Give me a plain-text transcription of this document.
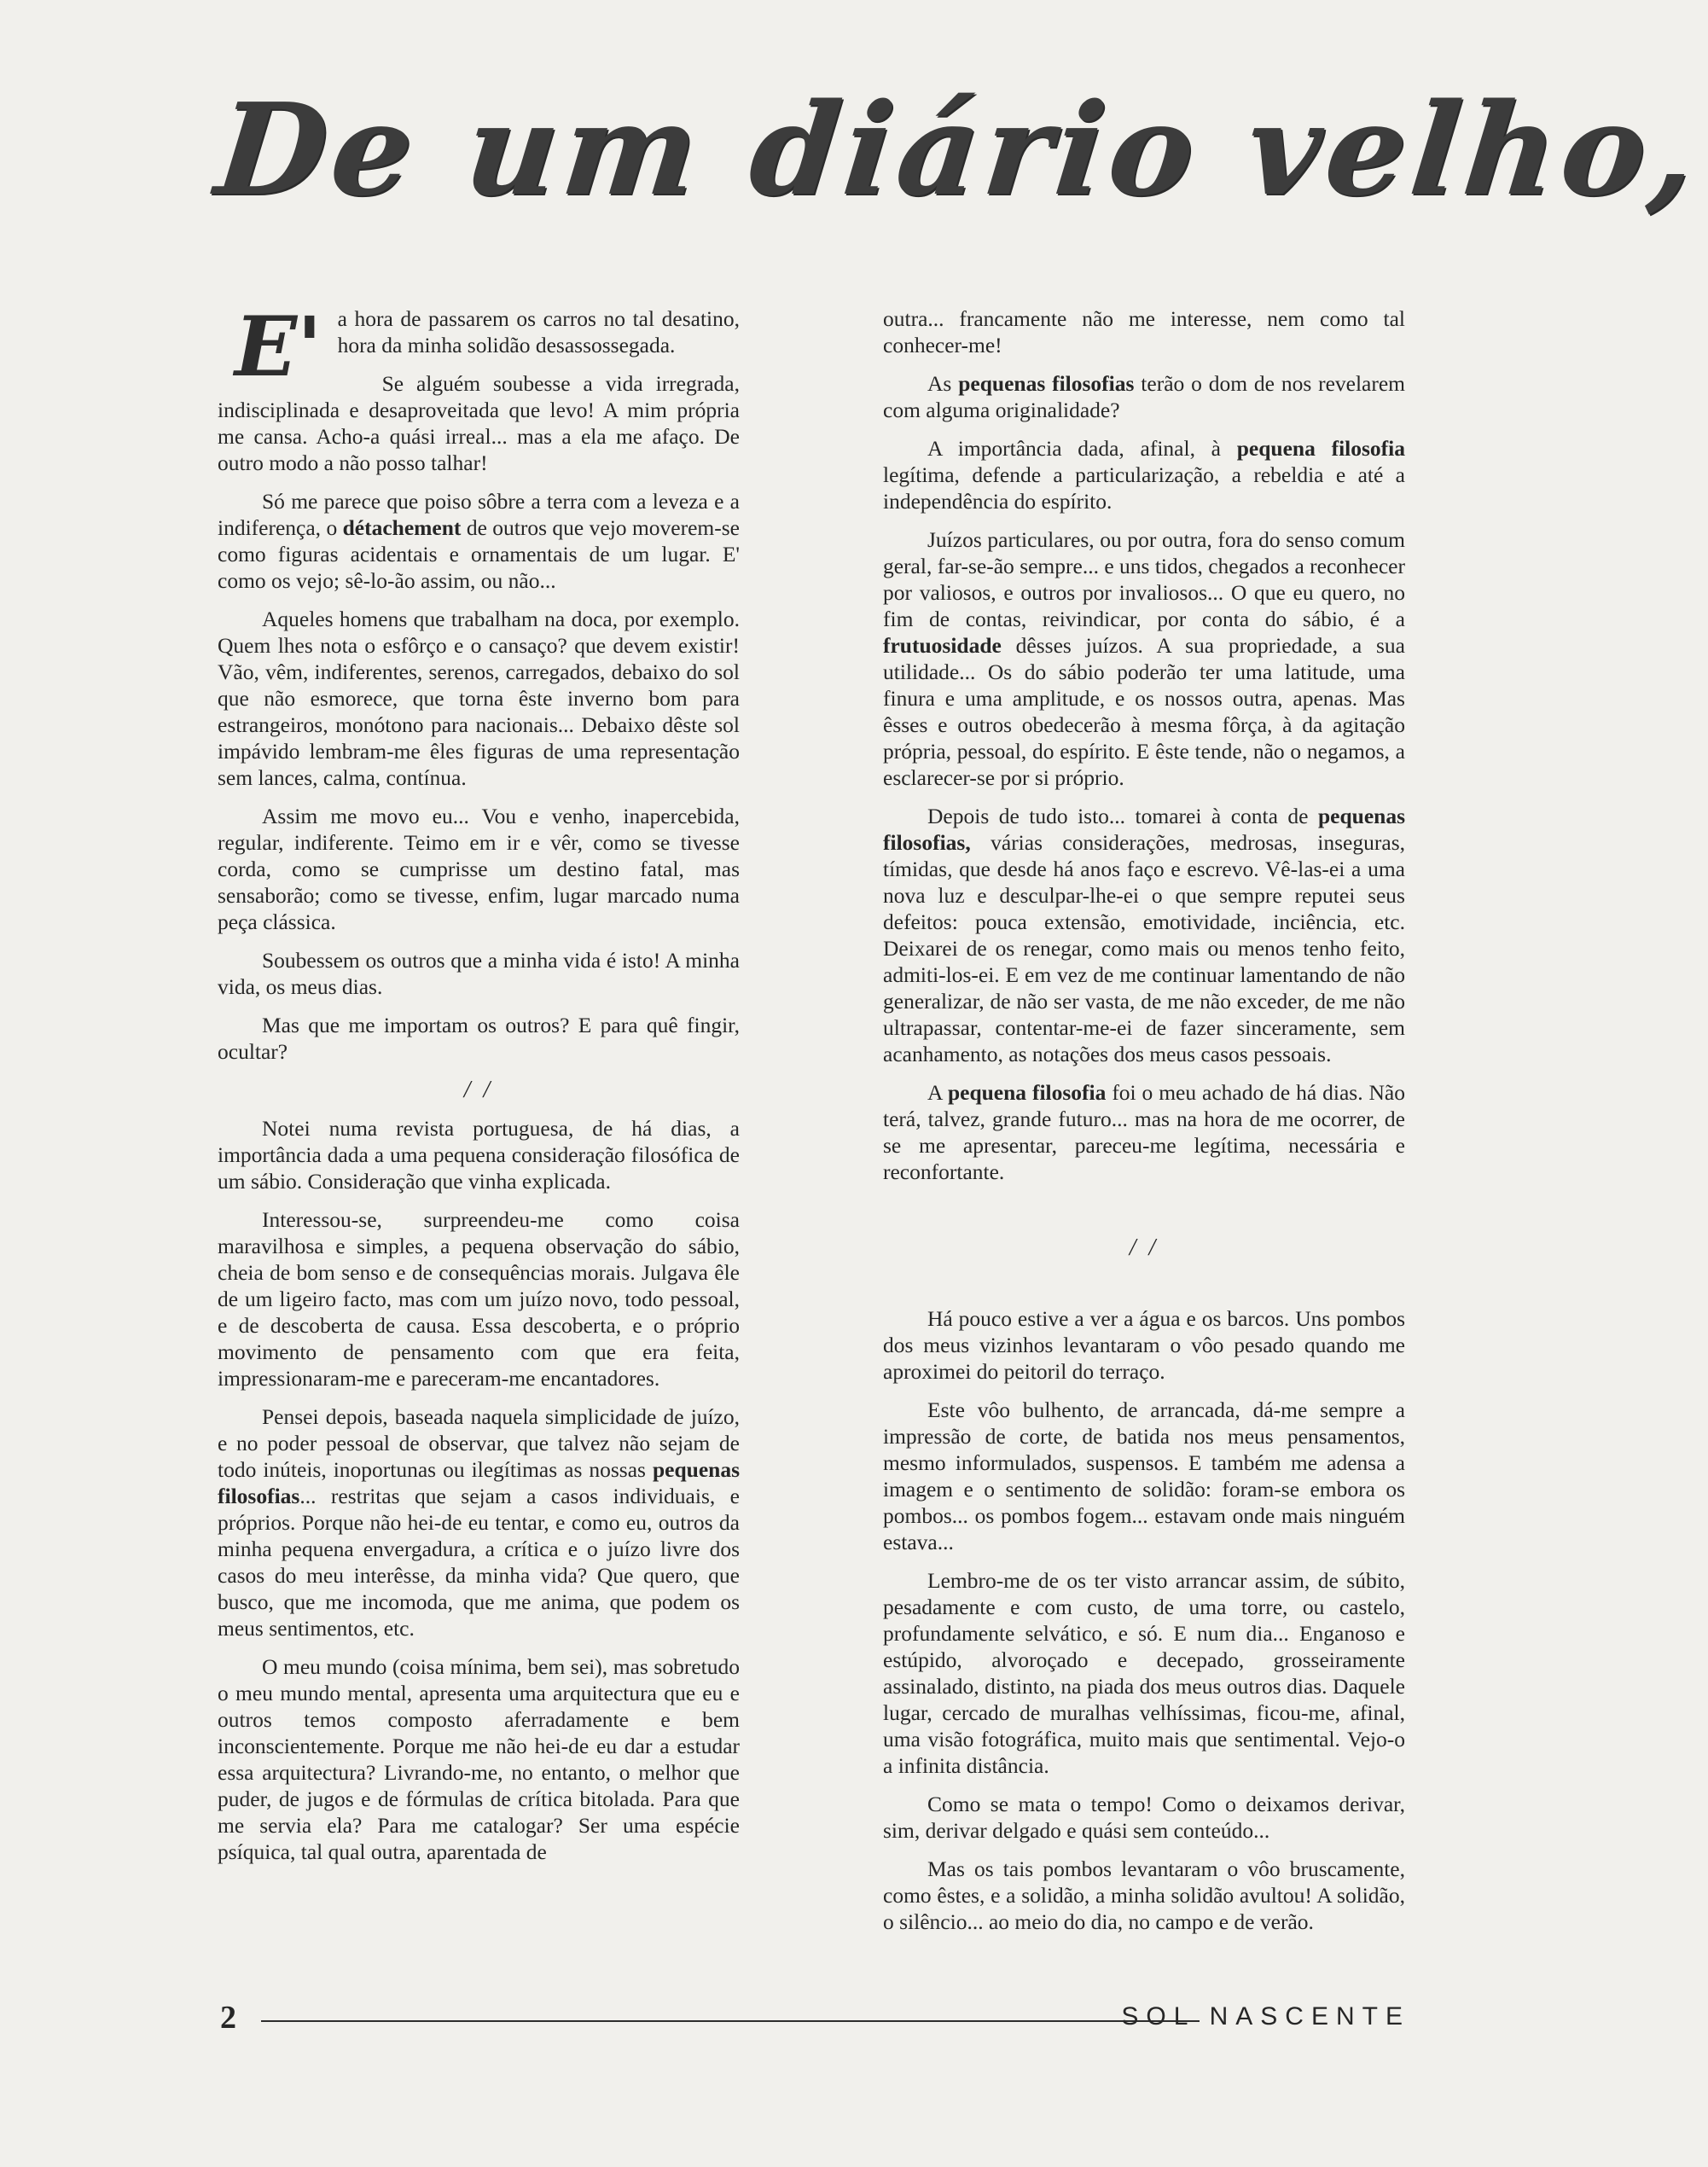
De um diário velho,

E' a hora de passarem os carros no tal desatino, hora da minha solidão desassossegada.

Se alguém soubesse a vida irregrada, indisciplinada e desaproveitada que levo! A mim própria me cansa. Acho-a quási irreal... mas a ela me afaço. De outro modo a não posso talhar!

Só me parece que poiso sôbre a terra com a leveza e a indiferença, o détachement de outros que vejo moverem-se como figuras acidentais e ornamentais de um lugar. E' como os vejo; sê-lo-ão assim, ou não...

Aqueles homens que trabalham na doca, por exemplo. Quem lhes nota o esfôrço e o cansaço? que devem existir! Vão, vêm, indiferentes, serenos, carregados, debaixo do sol que não esmorece, que torna êste inverno bom para estrangeiros, monótono para nacionais... Debaixo dêste sol impávido lembram-me êles figuras de uma representação sem lances, calma, contínua.

Assim me movo eu... Vou e venho, inapercebida, regular, indiferente. Teimo em ir e vêr, como se tivesse corda, como se cumprisse um destino fatal, mas sensaborão; como se tivesse, enfim, lugar marcado numa peça clássica.

Soubessem os outros que a minha vida é isto! A minha vida, os meus dias.

Mas que me importam os outros? E para quê fingir, ocultar?

/ /

Notei numa revista portuguesa, de há dias, a importância dada a uma pequena consideração filosófica de um sábio. Consideração que vinha explicada.

Interessou-se, surpreendeu-me como coisa maravilhosa e simples, a pequena observação do sábio, cheia de bom senso e de consequências morais. Julgava êle de um ligeiro facto, mas com um juízo novo, todo pessoal, e de descoberta de causa. Essa descoberta, e o próprio movimento de pensamento com que era feita, impressionaram-me e pareceram-me encantadores.

Pensei depois, baseada naquela simplicidade de juízo, e no poder pessoal de observar, que talvez não sejam de todo inúteis, inoportunas ou ilegítimas as nossas pequenas filosofias... restritas que sejam a casos individuais, e próprios. Porque não hei-de eu tentar, e como eu, outros da minha pequena envergadura, a crítica e o juízo livre dos casos do meu interêsse, da minha vida? Que quero, que busco, que me incomoda, que me anima, que podem os meus sentimentos, etc.

O meu mundo (coisa mínima, bem sei), mas sobretudo o meu mundo mental, apresenta uma arquitectura que eu e outros temos composto aferradamente e bem inconscientemente. Porque me não hei-de eu dar a estudar essa arquitectura? Livrando-me, no entanto, o melhor que puder, de jugos e de fórmulas de crítica bitolada. Para que me servia ela? Para me catalogar? Ser uma espécie psíquica, tal qual outra, aparentada de

outra... francamente não me interesse, nem como tal conhecer-me!

As pequenas filosofias terão o dom de nos revelarem com alguma originalidade?

A importância dada, afinal, à pequena filosofia legítima, defende a particularização, a rebeldia e até a independência do espírito.

Juízos particulares, ou por outra, fora do senso comum geral, far-se-ão sempre... e uns tidos, chegados a reconhecer por valiosos, e outros por invaliosos... O que eu quero, no fim de contas, reivindicar, por conta do sábio, é a frutuosidade dêsses juízos. A sua propriedade, a sua utilidade... Os do sábio poderão ter uma latitude, uma finura e uma amplitude, e os nossos outra, apenas. Mas êsses e outros obedecerão à mesma fôrça, à da agitação própria, pessoal, do espírito. E êste tende, não o negamos, a esclarecer-se por si próprio.

Depois de tudo isto... tomarei à conta de pequenas filosofias, várias considerações, medrosas, inseguras, tímidas, que desde há anos faço e escrevo. Vê-las-ei a uma nova luz e desculpar-lhe-ei o que sempre reputei seus defeitos: pouca extensão, emotividade, inciência, etc. Deixarei de os renegar, como mais ou menos tenho feito, admiti-los-ei. E em vez de me continuar lamentando de não generalizar, de não ser vasta, de me não exceder, de me não ultrapassar, contentar-me-ei de fazer sinceramente, sem acanhamento, as notações dos meus casos pessoais.

A pequena filosofia foi o meu achado de há dias. Não terá, talvez, grande futuro... mas na hora de me ocorrer, de se me apresentar, pareceu-me legítima, necessária e reconfortante.

/ /

Há pouco estive a ver a água e os barcos. Uns pombos dos meus vizinhos levantaram o vôo pesado quando me aproximei do peitoril do terraço.

Este vôo bulhento, de arrancada, dá-me sempre a impressão de corte, de batida nos meus pensamentos, mesmo informulados, suspensos. E também me adensa a imagem e o sentimento de solidão: foram-se embora os pombos... os pombos fogem... estavam onde mais ninguém estava...

Lembro-me de os ter visto arrancar assim, de súbito, pesadamente e com custo, de uma torre, ou castelo, profundamente selvático, e só. E num dia... Enganoso e estúpido, alvoroçado e decepado, grosseiramente assinalado, distinto, na piada dos meus outros dias. Daquele lugar, cercado de muralhas velhíssimas, ficou-me, afinal, uma visão fotográfica, muito mais que sentimental. Vejo-o a infinita distância.

Como se mata o tempo! Como o deixamos derivar, sim, derivar delgado e quási sem conteúdo...

Mas os tais pombos levantaram o vôo bruscamente, como êstes, e a solidão, a minha solidão avultou! A solidão, o silêncio... ao meio do dia, no campo e de verão.

2	SOL NASCENTE
